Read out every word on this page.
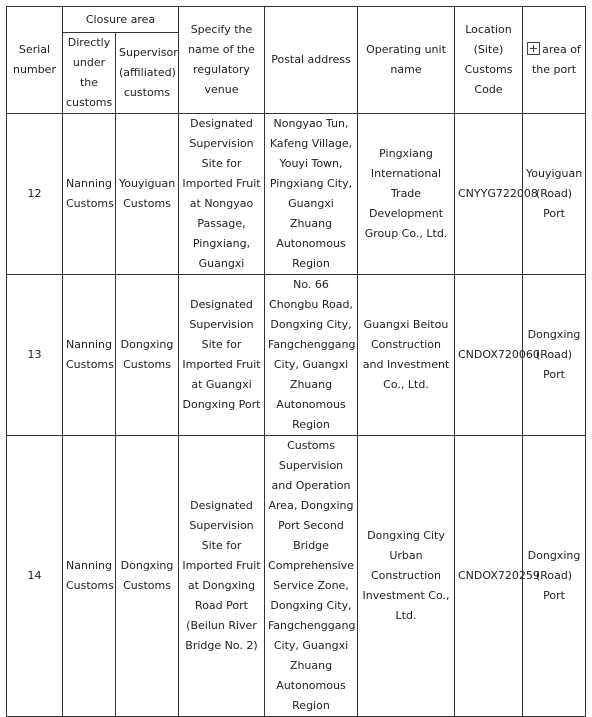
Serial number	Closure area		Specify the name of the regulatory venue	Postal address	Operating unit name	Location (Site) Customs Code	area of the port
	Directly under the customs	Supervisor (affiliated) customs					
12	Nanning Customs	Youyiguan Customs	Designated Supervision Site for Imported Fruit at Nongyao Passage, Pingxiang, Guangxi	Nongyao Tun, Kafeng Village, Youyi Town, Pingxiang City, Guangxi Zhuang Autonomous Region	Pingxiang International Trade Development Group Co., Ltd.	CNYYG722008	Youyiguan (Road) Port
13	Nanning Customs	Dongxing Customs	Designated Supervision Site for Imported Fruit at Guangxi Dongxing Port	No. 66 Chongbu Road, Dongxing City, Fangchenggang City, Guangxi Zhuang Autonomous Region	Guangxi Beitou Construction and Investment Co., Ltd.	CNDOX720060	Dongxing (Road) Port
14	Nanning Customs	Dongxing Customs	Designated Supervision Site for Imported Fruit at Dongxing Road Port (Beilun River Bridge No. 2)	Customs Supervision and Operation Area, Dongxing Port Second Bridge Comprehensive Service Zone, Dongxing City, Fangchenggang City, Guangxi Zhuang Autonomous Region	Dongxing City Urban Construction Investment Co., Ltd.	CNDOX720259	Dongxing (Road) Port
